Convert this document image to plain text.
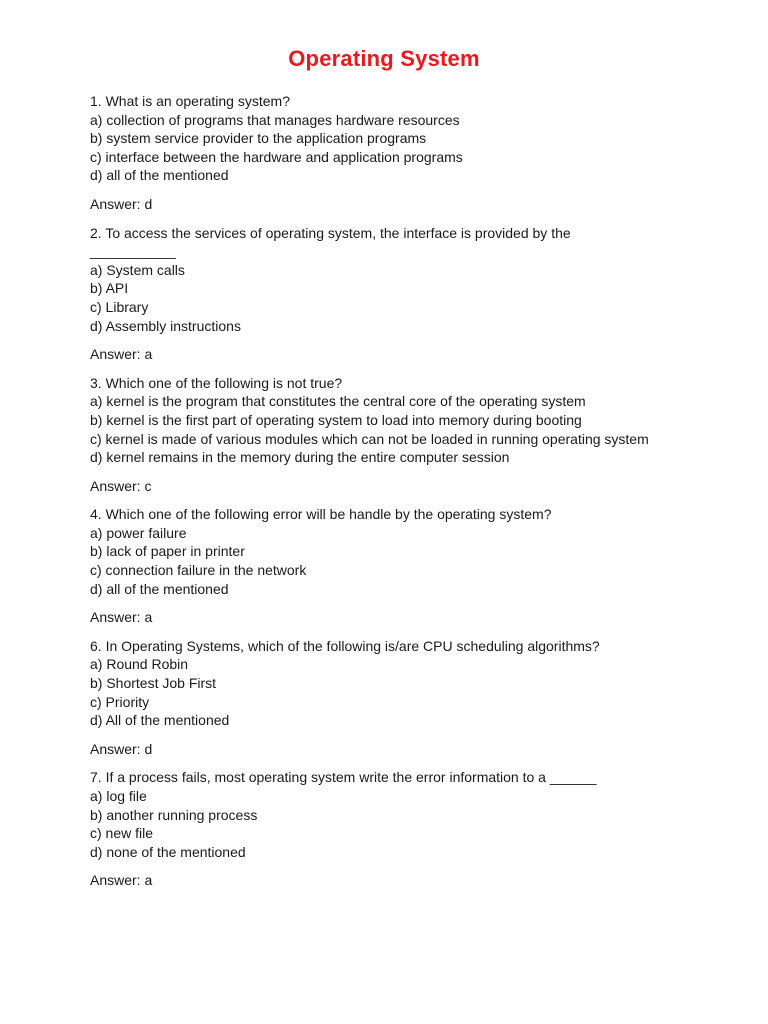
Operating System
1. What is an operating system?
a) collection of programs that manages hardware resources
b) system service provider to the application programs
c) interface between the hardware and application programs
d) all of the mentioned
Answer: d
2. To access the services of operating system, the interface is provided by the
___________
a) System calls
b) API
c) Library
d) Assembly instructions
Answer: a
3. Which one of the following is not true?
a) kernel is the program that constitutes the central core of the operating system
b) kernel is the first part of operating system to load into memory during booting
c) kernel is made of various modules which can not be loaded in running operating system
d) kernel remains in the memory during the entire computer session
Answer: c
4. Which one of the following error will be handle by the operating system?
a) power failure
b) lack of paper in printer
c) connection failure in the network
d) all of the mentioned
Answer: a
6. In Operating Systems, which of the following is/are CPU scheduling algorithms?
a) Round Robin
b) Shortest Job First
c) Priority
d) All of the mentioned
Answer: d
7. If a process fails, most operating system write the error information to a ______
a) log file
b) another running process
c) new file
d) none of the mentioned
Answer: a
